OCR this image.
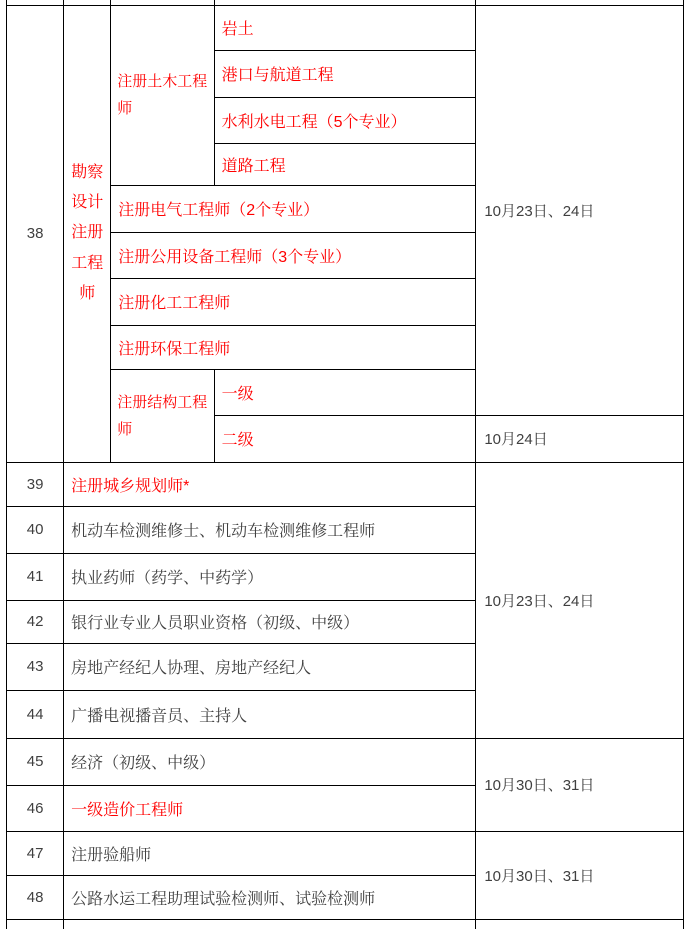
38	勘察设计注册工程师	注册土木工程师	岩土	10月23日、24日
			港口与航道工程	
			水利水电工程（5个专业）	
			道路工程	
		注册电气工程师（2个专业）		
		注册公用设备工程师（3个专业）		
		注册化工工程师		
		注册环保工程师		
		注册结构工程师	一级	
			二级	10月24日
39	注册城乡规划师*			10月23日、24日
40	机动车检测维修士、机动车检测维修工程师			
41	执业药师（药学、中药学）			
42	银行业专业人员职业资格（初级、中级）			
43	房地产经纪人协理、房地产经纪人			
44	广播电视播音员、主持人			
45	经济（初级、中级）			10月30日、31日
46	一级造价工程师			
47	注册验船师			10月30日、31日
48	公路水运工程助理试验检测师、试验检测师			
